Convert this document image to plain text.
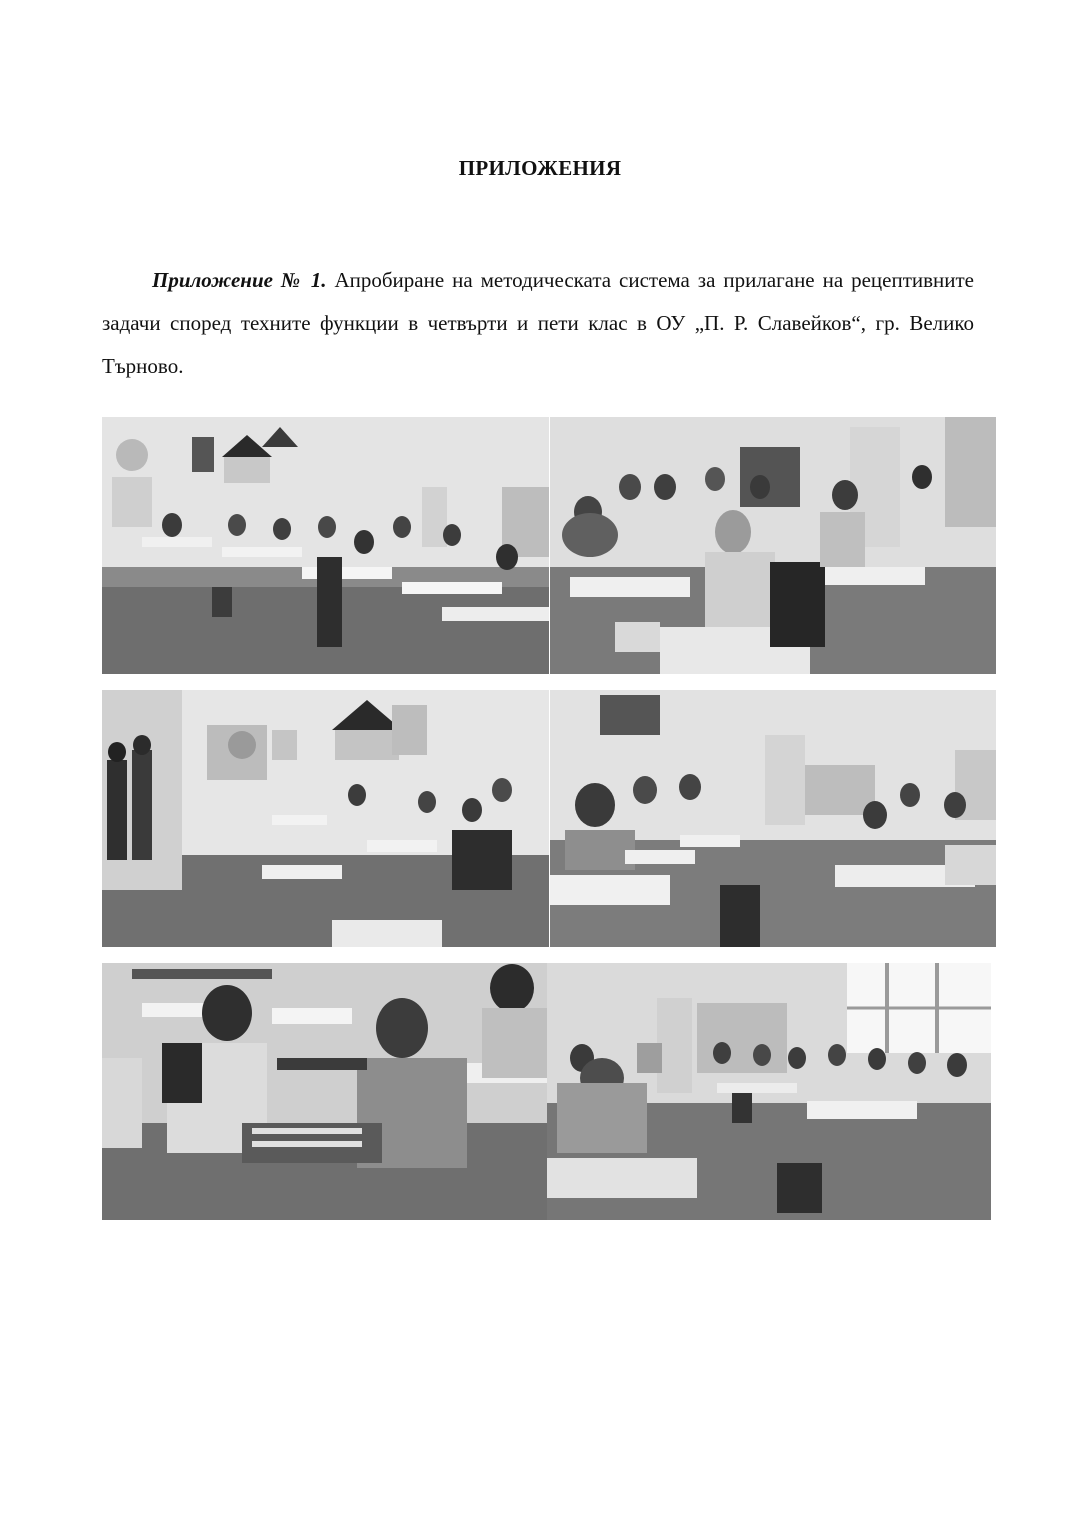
ПРИЛОЖЕНИЯ

Приложение № 1. Апробиране на методическата система за прилагане на рецептивните задачи според техните функции в четвърти и пети клас в ОУ „П. Р. Славейков“, гр. Велико Търново.
